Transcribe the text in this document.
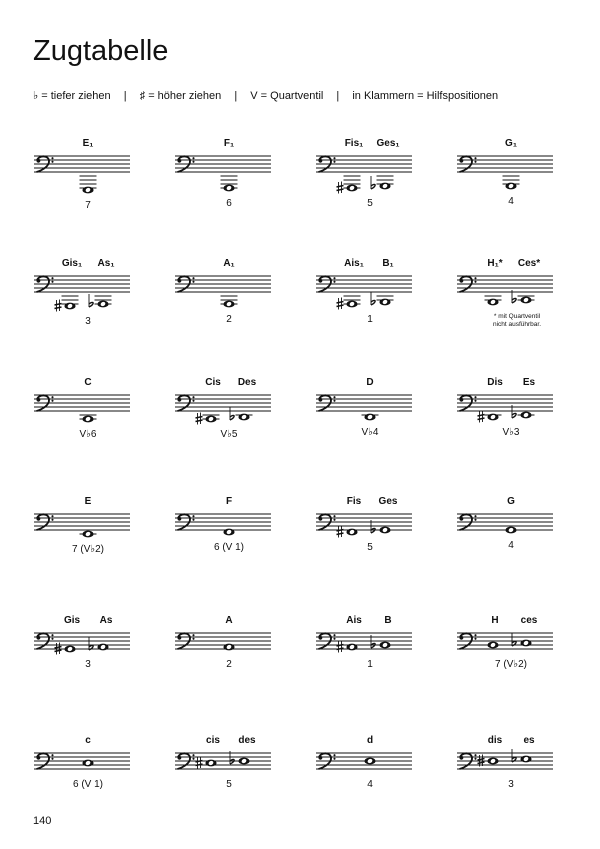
Zugtabelle
♭ = tiefer ziehen | ♯ = höher ziehen | V = Quartventil | in Klammern = Hilfspositionen
E₁
7
F₁
6
Fis₁ Ges₁
5
G₁
4
Gis₁ As₁
3
A₁
2
Ais₁ B₁
1
H₁* Ces*
* mit Quartventil
nicht ausführbar.
C
V♭6
Cis Des
V♭5
D
V♭4
Dis Es
V♭3
E
7 (V♭2)
F
6 (V 1)
Fis Ges
5
G
4
Gis As
3
A
2
Ais B
1
H ces
7 (V♭2)
c
6 (V 1)
cis des
5
d
4
dis es
3
140
